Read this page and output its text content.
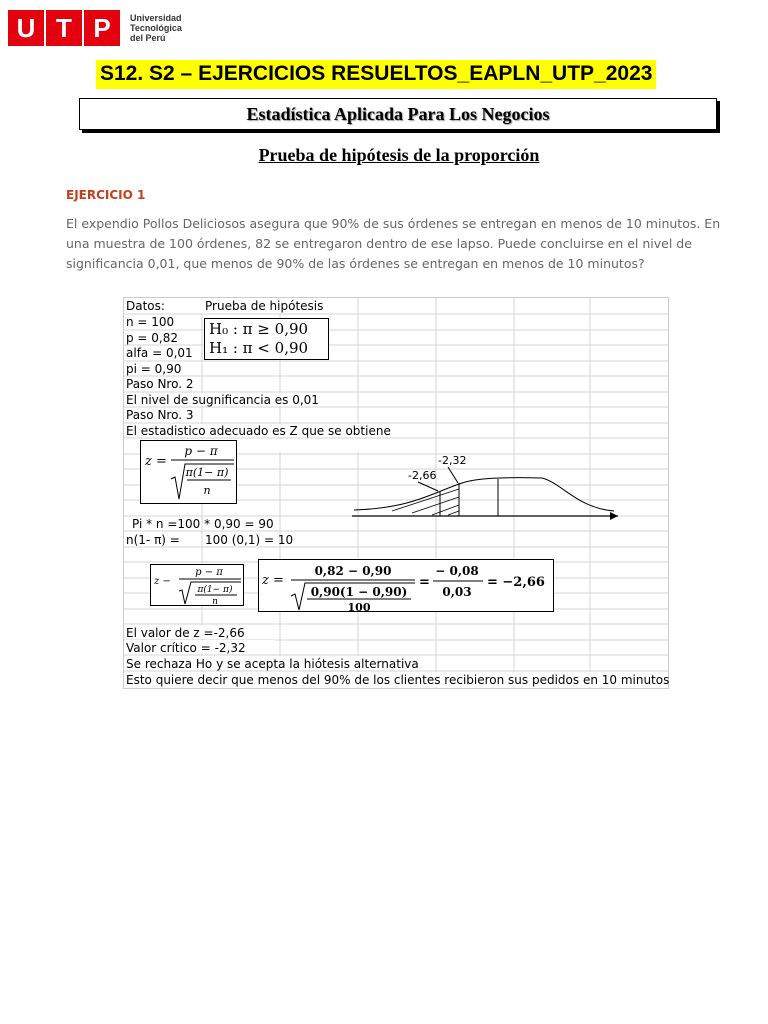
U T P	Universidad
Tecnológica
del Perú
S12. S2 – EJERCICIOS RESUELTOS_EAPLN_UTP_2023
Estadística Aplicada Para Los Negocios
Prueba de hipótesis de la proporción
EJERCICIO 1
El expendio Pollos Deliciosos asegura que 90% de sus órdenes se entregan en menos de 10 minutos. En una muestra de 100 órdenes, 82 se entregaron dentro de ese lapso. Puede concluirse en el nivel de significancia 0,01, que menos de 90% de las órdenes se entregan en menos de 10 minutos?
Datos:	Prueba de hipótesis
n = 100
p = 0,82
alfa = 0,01
pi = 0,90
Paso Nro. 2
El nivel de sugnificancia es 0,01
Paso Nro. 3
El estadistico adecuado es Z que se obtiene
Pi * n =100 * 0,90 = 90
n(1- π) = 100 (0,1) = 10
El valor de z =-2,66
Valor crítico = -2,32
Se rechaza Ho y se acepta la hiótesis alternativa
Esto quiere decir que menos del 90% de los clientes recibieron sus pedidos en 10 minutos
H₀ : π ≥ 0,90
H₁ : π < 0,90
z =
p − π
π(1− π)
n
-2,66
-2,32
z −
p − π
π(1− π)
n
z =
0,82 − 0,90
0,90(1 − 0,90)
100
=
− 0,08
0,03
= −2,66
